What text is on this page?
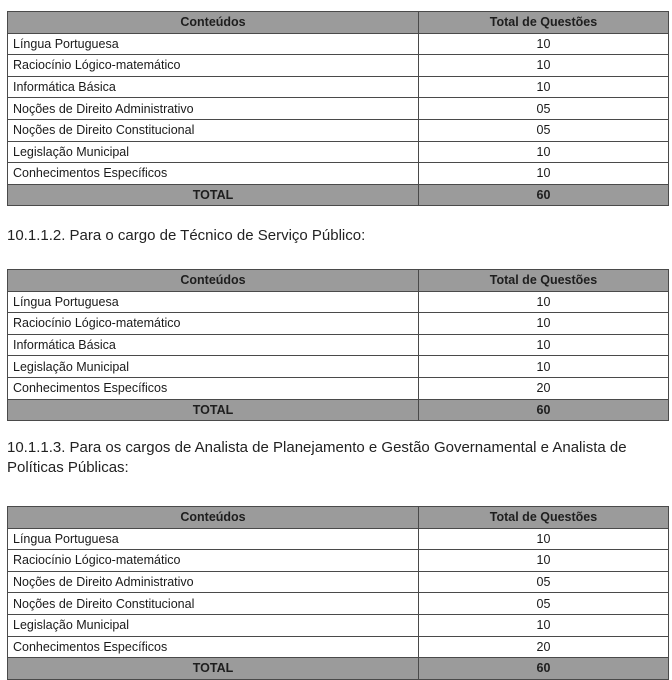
Conteúdos	Total de Questões
Língua Portuguesa	10
Raciocínio Lógico-matemático	10
Informática Básica	10
Noções de Direito Administrativo	05
Noções de Direito Constitucional	05
Legislação Municipal	10
Conhecimentos Específicos	10
TOTAL	60
10.1.1.2. Para o cargo de Técnico de Serviço Público:
Conteúdos	Total de Questões
Língua Portuguesa	10
Raciocínio Lógico-matemático	10
Informática Básica	10
Legislação Municipal	10
Conhecimentos Específicos	20
TOTAL	60
10.1.1.3. Para os cargos de Analista de Planejamento e Gestão Governamental e Analista de Políticas Públicas:
Conteúdos	Total de Questões
Língua Portuguesa	10
Raciocínio Lógico-matemático	10
Noções de Direito Administrativo	05
Noções de Direito Constitucional	05
Legislação Municipal	10
Conhecimentos Específicos	20
TOTAL	60
